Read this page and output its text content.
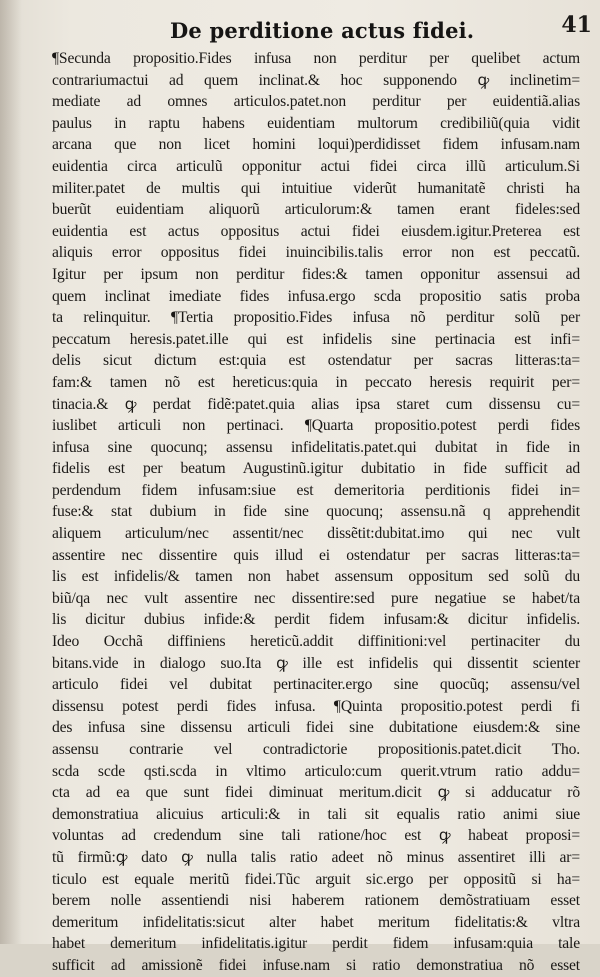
De perditione actus fidei.	41
¶Secunda propositio.Fides infusa non perditur per quelibet actum
contrariumactui ad quem inclinat.& hoc supponendo ꝙ inclinetim=
mediate ad omnes articulos.patet.non perditur per euidentiã.alias
paulus in raptu habens euidentiam multorum credibiliũ(quia vidit
arcana que non licet homini loqui)perdidisset fidem infusam.nam
euidentia circa articulũ opponitur actui fidei circa illũ articulum.Si
militer.patet de multis qui intuitiue viderũt humanitatẽ christi ha
buerũt euidentiam aliquorũ articulorum:& tamen erant fideles:sed
euidentia est actus oppositus actui fidei eiusdem.igitur.Preterea est
aliquis error oppositus fidei inuincibilis.talis error non est peccatũ.
Igitur per ipsum non perditur fides:& tamen opponitur assensui ad
quem inclinat imediate fides infusa.ergo scda propositio satis proba
ta relinquitur. ¶Tertia propositio.Fides infusa nõ perditur solũ per
peccatum heresis.patet.ille qui est infidelis sine pertinacia est infi=
delis sicut dictum est:quia est ostendatur per sacras litteras:ta=
fam:& tamen nõ est hereticus:quia in peccato heresis requirit per=
tinacia.& ꝙ perdat fidẽ:patet.quia alias ipsa staret cum dissensu cu=
iuslibet articuli non pertinaci. ¶Quarta propositio.potest perdi fides
infusa sine quocunq; assensu infidelitatis.patet.qui dubitat in fide in
fidelis est per beatum Augustinũ.igitur dubitatio in fide sufficit ad
perdendum fidem infusam:siue est demeritoria perditionis fidei in=
fuse:& stat dubium in fide sine quocunq; assensu.nã q apprehendit
aliquem articulum/nec assentit/nec dissẽtit:dubitat.imo qui nec vult
assentire nec dissentire quis illud ei ostendatur per sacras litteras:ta=
lis est infidelis/& tamen non habet assensum oppositum sed solũ du
biũ/qa nec vult assentire nec dissentire:sed pure negatiue se habet/ta
lis dicitur dubius infide:& perdit fidem infusam:& dicitur infidelis.
Ideo Occhã diffiniens hereticũ.addit diffinitioni:vel pertinaciter du
bitans.vide in dialogo suo.Ita ꝙ ille est infidelis qui dissentit scienter
articulo fidei vel dubitat pertinaciter.ergo sine quocũq; assensu/vel
dissensu potest perdi fides infusa. ¶Quinta propositio.potest perdi fi
des infusa sine dissensu articuli fidei sine dubitatione eiusdem:& sine
assensu contrarie vel contradictorie propositionis.patet.dicit Tho.
scda scde qsti.scda in vltimo articulo:cum querit.vtrum ratio addu=
cta ad ea que sunt fidei diminuat meritum.dicit ꝙ si adducatur rõ
demonstratiua alicuius articuli:& in tali sit equalis ratio animi siue
voluntas ad credendum sine tali ratione/hoc est ꝙ habeat proposi=
tũ firmũ:ꝙ dato ꝙ nulla talis ratio adeet nõ minus assentiret illi ar=
ticulo est equale meritũ fidei.Tũc arguit sic.ergo per oppositũ si ha=
berem nolle assentiendi nisi haberem rationem demõstratiuam esset
demeritum infidelitatis:sicut alter habet meritum fidelitatis:& vltra
habet demeritum infidelitatis.igitur perdit fidem infusam:quia tale
sufficit ad amissionẽ fidei infuse.nam si ratio demonstratiua nõ esset
